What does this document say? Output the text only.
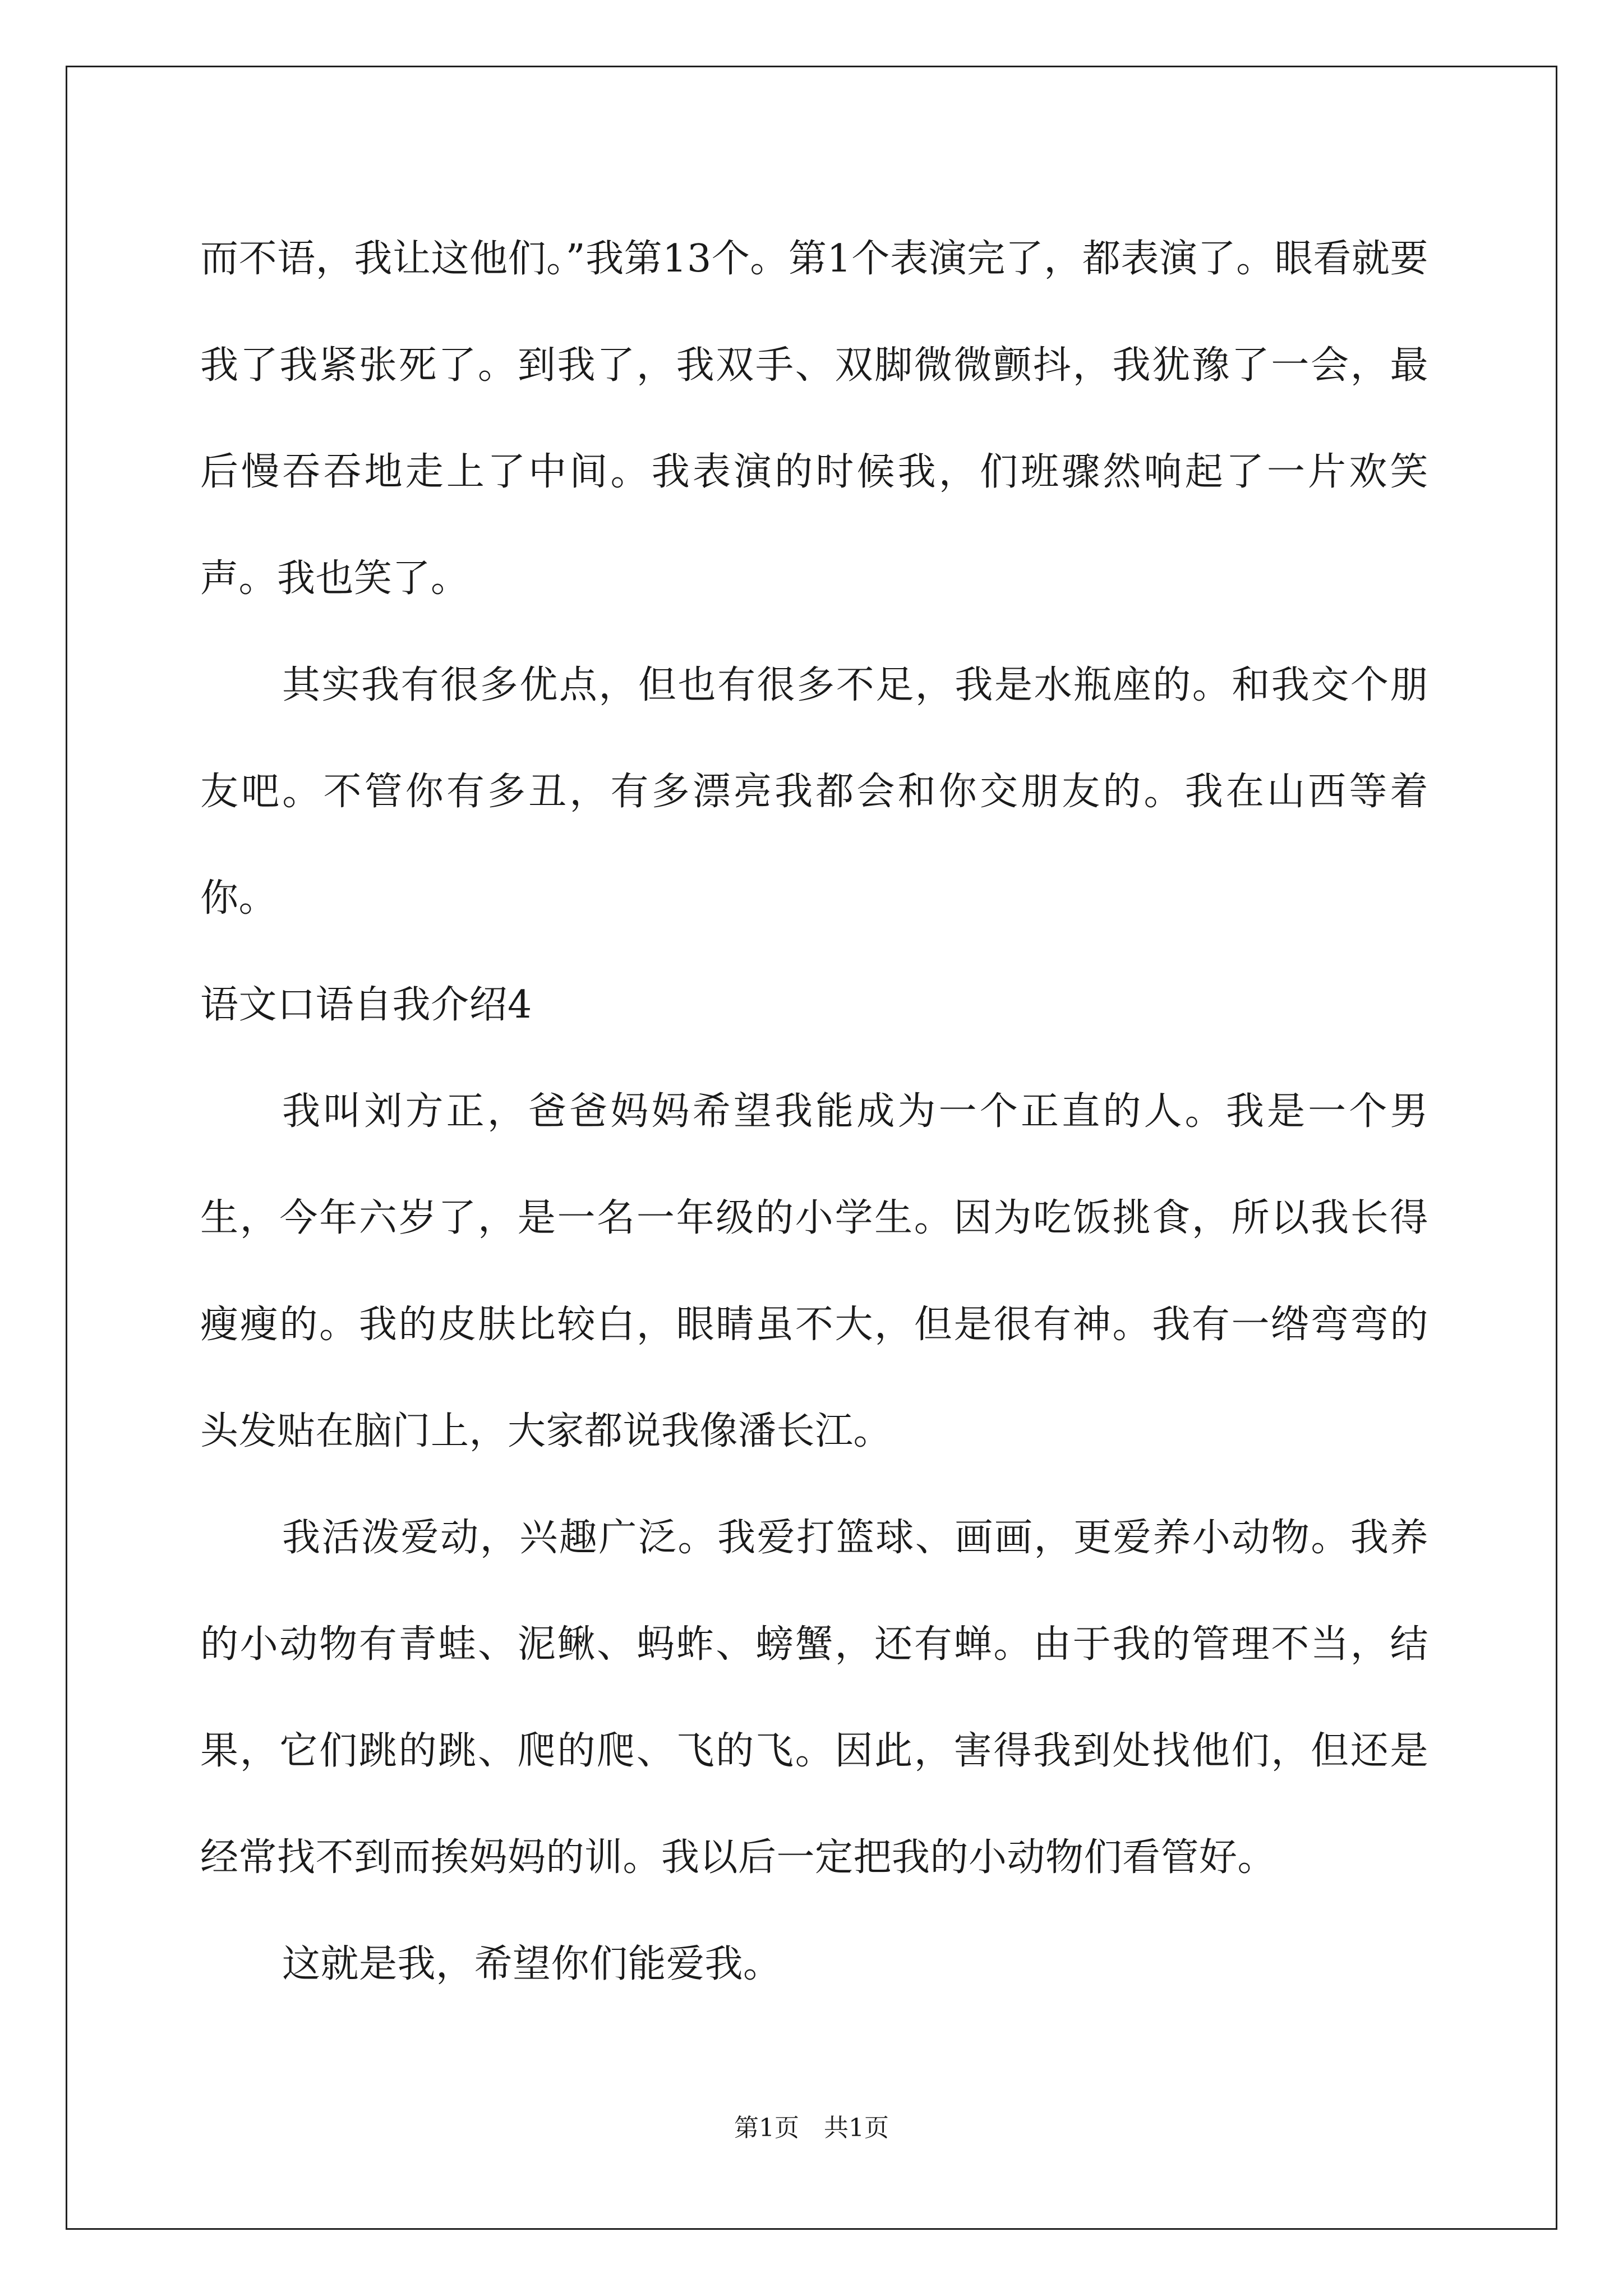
而不语，我让这他们。”我第13个。第1个表演完了，都表演了。眼看就要我了我紧张死了。到我了，我双手、双脚微微颤抖，我犹豫了一会，最后慢吞吞地走上了中间。我表演的时候我，们班骤然响起了一片欢笑声。我也笑了。

其实我有很多优点，但也有很多不足，我是水瓶座的。和我交个朋友吧。不管你有多丑，有多漂亮我都会和你交朋友的。我在山西等着你。

语文口语自我介绍4

我叫刘方正，爸爸妈妈希望我能成为一个正直的人。我是一个男生，今年六岁了，是一名一年级的小学生。因为吃饭挑食，所以我长得瘦瘦的。我的皮肤比较白，眼睛虽不大，但是很有神。我有一绺弯弯的头发贴在脑门上，大家都说我像潘长江。

我活泼爱动，兴趣广泛。我爱打篮球、画画，更爱养小动物。我养的小动物有青蛙、泥鳅、蚂蚱、螃蟹，还有蝉。由于我的管理不当，结果，它们跳的跳、爬的爬、飞的飞。因此，害得我到处找他们，但还是经常找不到而挨妈妈的训。我以后一定把我的小动物们看管好。

这就是我，希望你们能爱我。

第1页　共1页
